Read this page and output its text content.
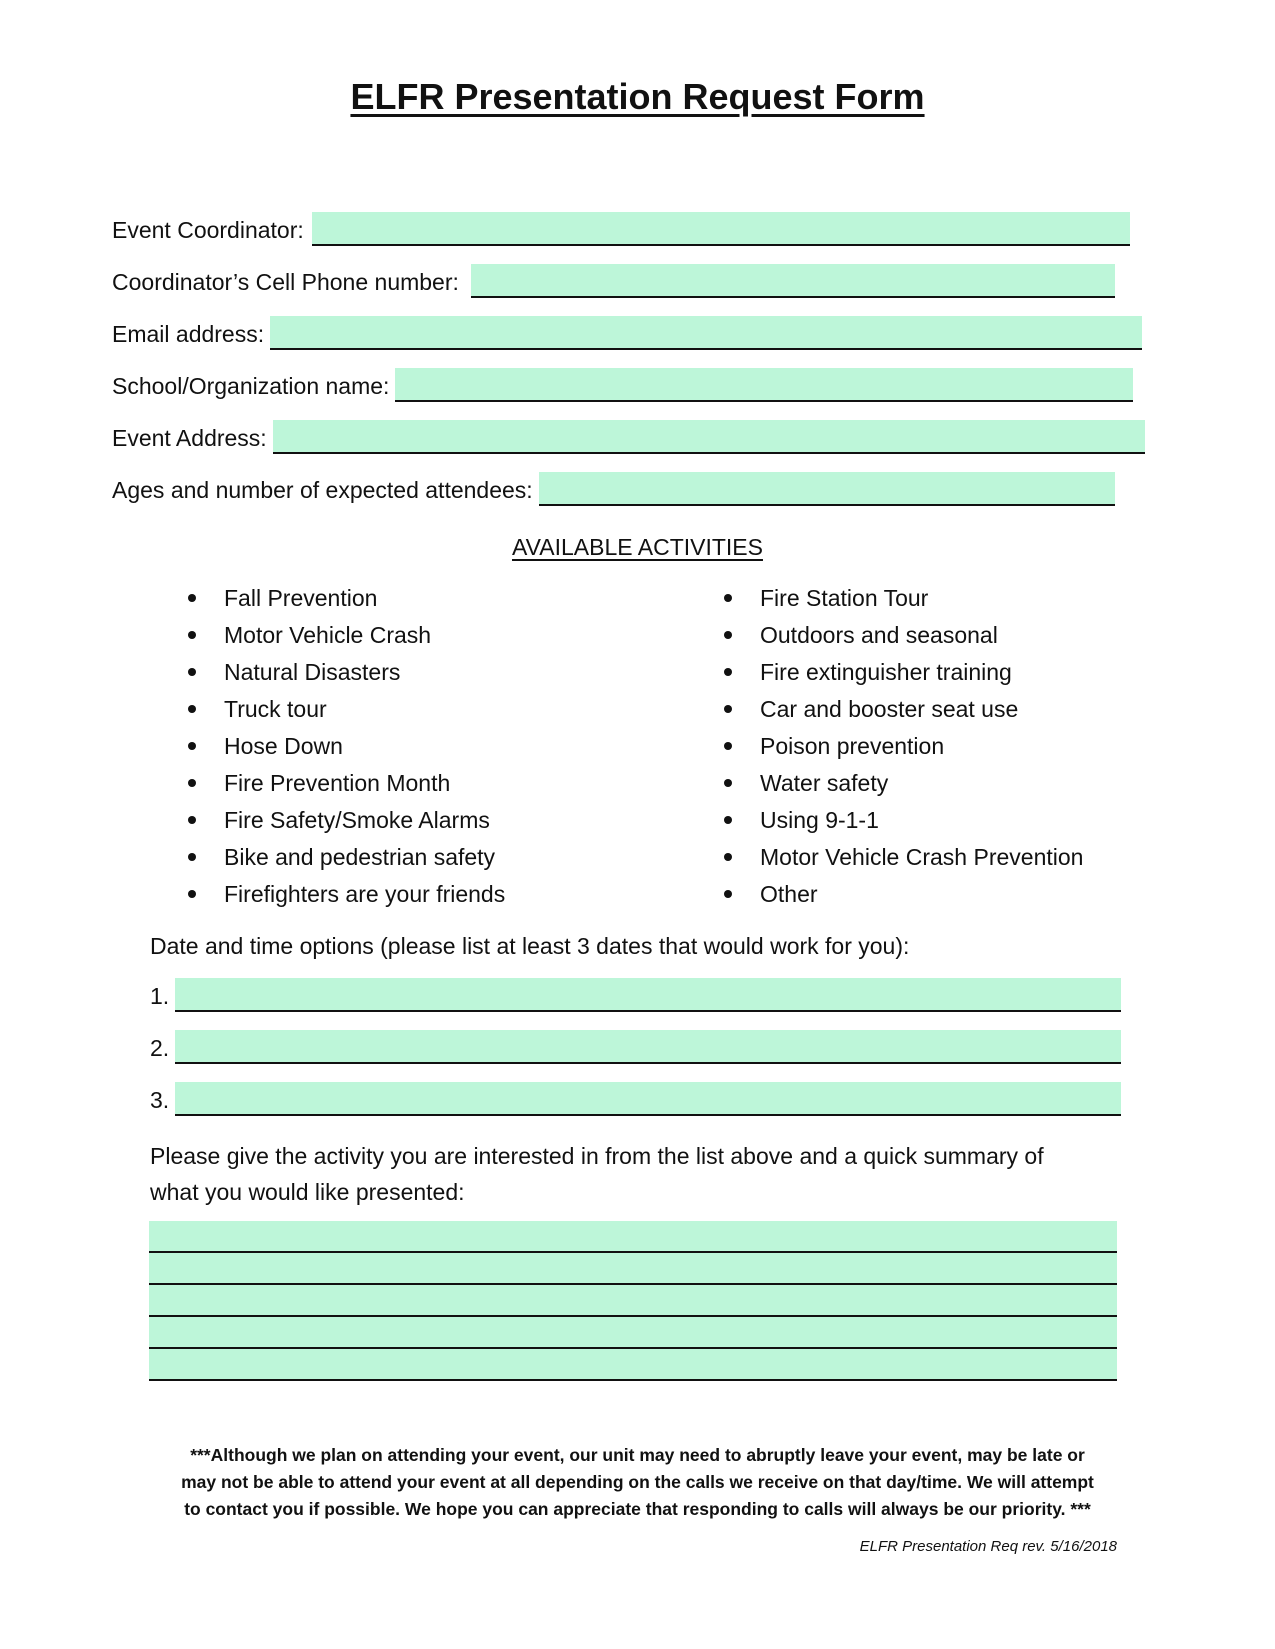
ELFR Presentation Request Form
Event Coordinator:
Coordinator’s Cell Phone number:
Email address:
School/Organization name:
Event Address:
Ages and number of expected attendees:
AVAILABLE ACTIVITIES
Fall Prevention
Motor Vehicle Crash
Natural Disasters
Truck tour
Hose Down
Fire Prevention Month
Fire Safety/Smoke Alarms
Bike and pedestrian safety
Firefighters are your friends
Fire Station Tour
Outdoors and seasonal
Fire extinguisher training
Car and booster seat use
Poison prevention
Water safety
Using 9-1-1
Motor Vehicle Crash Prevention
Other
Date and time options (please list at least 3 dates that would work for you):
1.
2.
3.
Please give the activity you are interested in from the list above and a quick summary of
what you would like presented:
***Although we plan on attending your event, our unit may need to abruptly leave your event, may be late or
may not be able to attend your event at all depending on the calls we receive on that day/time. We will attempt
to contact you if possible. We hope you can appreciate that responding to calls will always be our priority. ***
ELFR Presentation Req rev. 5/16/2018
